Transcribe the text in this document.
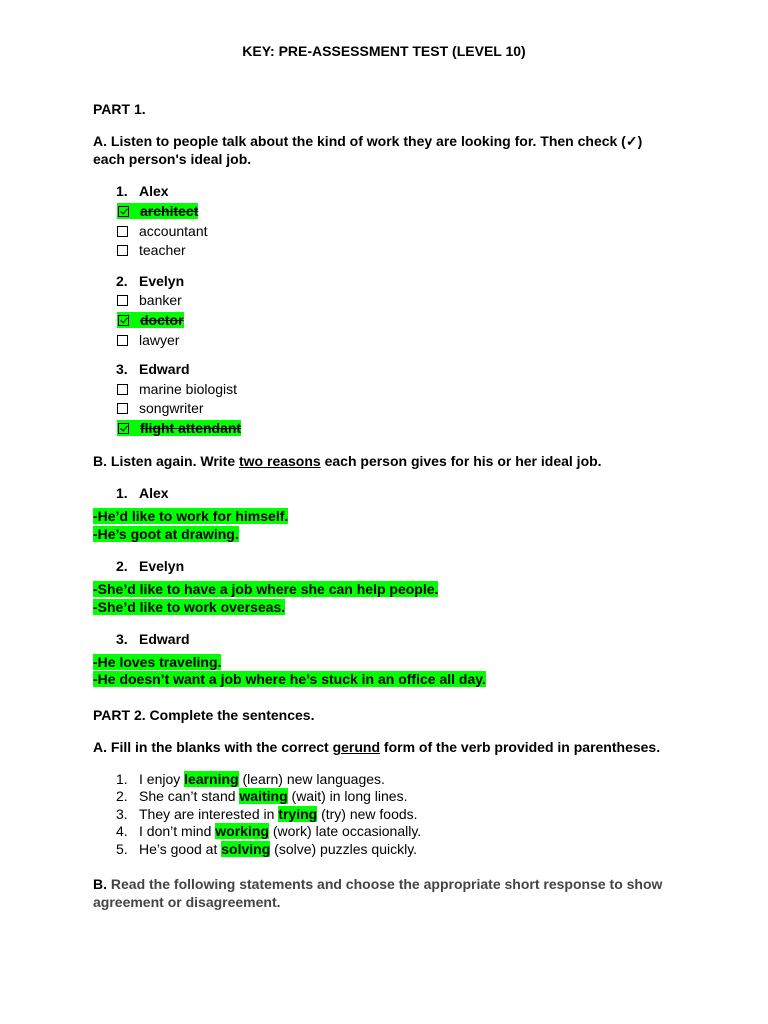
KEY: PRE-ASSESSMENT TEST (LEVEL 10)
PART 1.
A. Listen to people talk about the kind of work they are looking for. Then check (✓)
each person's ideal job.
1. Alex
architect
accountant
teacher
2. Evelyn
banker
doctor
lawyer
3. Edward
marine biologist
songwriter
flight attendant
B. Listen again. Write two reasons each person gives for his or her ideal job.
1. Alex
-He’d like to work for himself.
-He’s goot at drawing.
2. Evelyn
-She’d like to have a job where she can help people.
-She’d like to work overseas.
3. Edward
-He loves traveling.
-He doesn’t want a job where he’s stuck in an office all day.
PART 2. Complete the sentences.
A. Fill in the blanks with the correct gerund form of the verb provided in parentheses.
1. I enjoy learning (learn) new languages.
2. She can’t stand waiting (wait) in long lines.
3. They are interested in trying (try) new foods.
4. I don’t mind working (work) late occasionally.
5. He’s good at solving (solve) puzzles quickly.
B. Read the following statements and choose the appropriate short response to show
agreement or disagreement.
